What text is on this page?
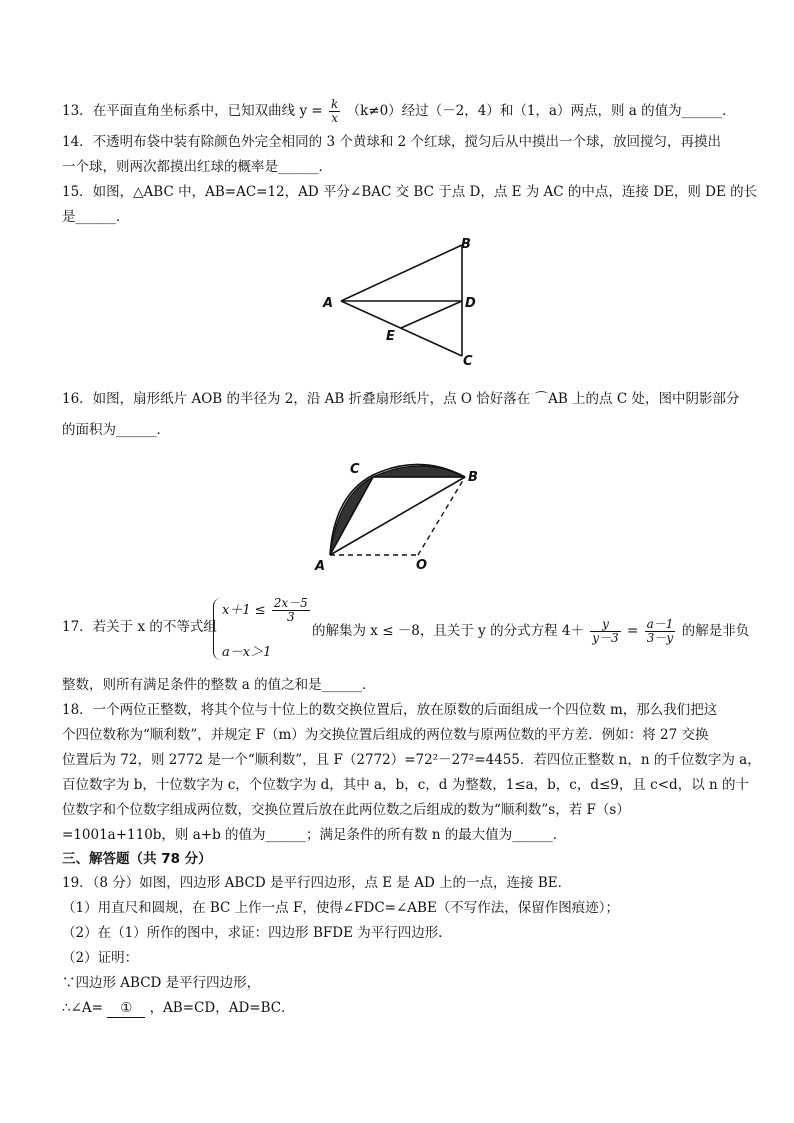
13．在平面直角坐标系中，已知双曲线 $y = \frac{k}{x} (k\ne 0)$经过（－2，4）和（1，a）两点，则 a 的值为______．
14．不透明布袋中装有除颜色外完全相同的 3 个黄球和 2 个红球，搅匀后从中摸出一个球，放回搅匀，再摸出
一个球，则两次都摸出红球的概率是______．
15．如图，△ABC 中，AB=AC=12，AD 平分∠BAC 交 BC 于点 D，点 E 为 AC 的中点，连接 DE，则 DE 的长
是______．
A
B
C
D
E
16．如图，扇形纸片 AOB 的半径为 2，沿 AB 折叠扇形纸片，点 O 恰好落在 ⌒AB 上的点 C 处，图中阴影部分
的面积为______．
A
B
C
O
17．若关于 x 的不等式组
$x+1 \le \frac{2x-5}{3}$
a－x＞1
的解集为 x ≤ －8，且关于 y 的分式方程 $4+ \frac{y}{y-3} = \frac{a-1}{3-y}$ 的解是非负
整数，则所有满足条件的整数 a 的值之和是______．
18．一个两位正整数，将其个位与十位上的数交换位置后，放在原数的后面组成一个四位数 m，那么我们把这
个四位数称为“顺利数”，并规定 F（m）为交换位置后组成的两位数与原两位数的平方差．例如：将 27 交换
位置后为 72，则 2772 是一个“顺利数”，且 F（2772）=72²－27²=4455．若四位正整数 n，n 的千位数字为 a，
百位数字为 b，十位数字为 c，个位数字为 d，其中 a，b，c，d 为整数，1≤a，b，c，d≤9，且 c<d，以 n 的十
位数字和个位数字组成两位数，交换位置后放在此两位数之后组成的数为“顺利数”s，若 F（s）
=1001a+110b，则 a+b 的值为______；满足条件的所有数 n 的最大值为______．
三、解答题（共 78 分）
19．（8 分）如图，四边形 ABCD 是平行四边形，点 E 是 AD 上的一点，连接 BE．
（1）用直尺和圆规，在 BC 上作一点 F，使得∠FDC=∠ABE（不写作法，保留作图痕迹）；
（2）在（1）所作的图中，求证：四边形 BFDE 为平行四边形．
（2）证明：
∵四边形 ABCD 是平行四边形，
∴∠A= ① ，AB=CD，AD=BC．
